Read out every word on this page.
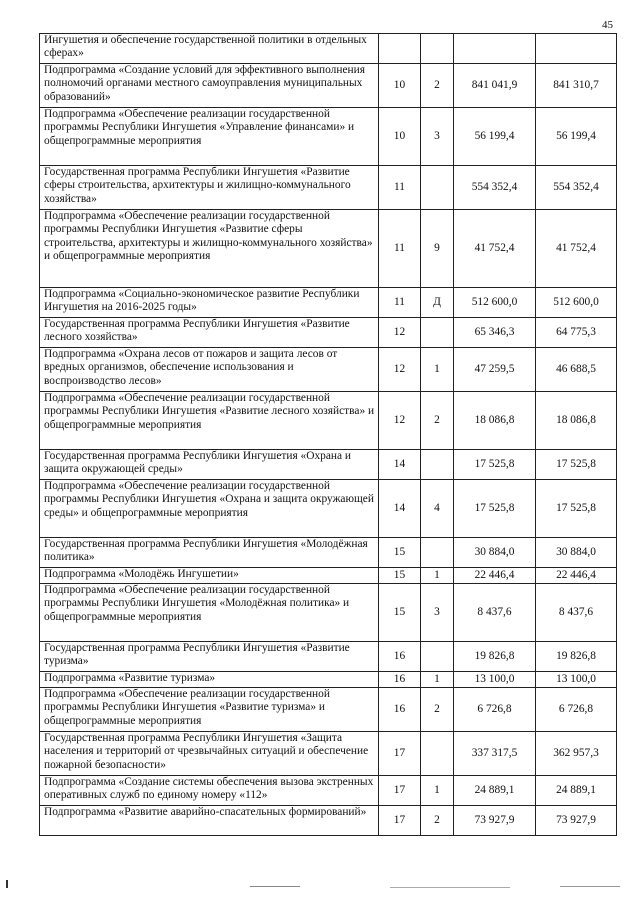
45
Ингушетия и обеспечение государственной политики в отдельных сферах»				
Подпрограмма «Создание условий для эффективного выполнения полномочий органами местного самоуправления муниципальных образований»	10	2	841 041,9	841 310,7
Подпрограмма «Обеспечение реализации государственной программы Республики Ингушетия «Управление финансами» и общепрограммные мероприятия	10	3	56 199,4	56 199,4
Государственная программа Республики Ингушетия «Развитие сферы строительства, архитектуры и жилищно-коммунального хозяйства»	11		554 352,4	554 352,4
Подпрограмма «Обеспечение реализации государственной программы Республики Ингушетия «Развитие сферы строительства, архитектуры и жилищно-коммунального хозяйства» и общепрограммные мероприятия	11	9	41 752,4	41 752,4
Подпрограмма «Социально-экономическое развитие Республики Ингушетия на 2016-2025 годы»	11	Д	512 600,0	512 600,0
Государственная программа Республики Ингушетия «Развитие лесного хозяйства»	12		65 346,3	64 775,3
Подпрограмма «Охрана лесов от пожаров и защита лесов от вредных организмов, обеспечение использования и воспроизводство лесов»	12	1	47 259,5	46 688,5
Подпрограмма «Обеспечение реализации государственной программы Республики Ингушетия «Развитие лесного хозяйства» и общепрограммные мероприятия	12	2	18 086,8	18 086,8
Государственная программа Республики Ингушетия «Охрана и защита окружающей среды»	14		17 525,8	17 525,8
Подпрограмма «Обеспечение реализации государственной программы Республики Ингушетия «Охрана и защита окружающей среды» и общепрограммные мероприятия	14	4	17 525,8	17 525,8
Государственная программа Республики Ингушетия «Молодёжная политика»	15		30 884,0	30 884,0
Подпрограмма «Молодёжь Ингушетии»	15	1	22 446,4	22 446,4
Подпрограмма «Обеспечение реализации государственной программы Республики Ингушетия «Молодёжная политика» и общепрограммные мероприятия	15	3	8 437,6	8 437,6
Государственная программа Республики Ингушетия «Развитие туризма»	16		19 826,8	19 826,8
Подпрограмма «Развитие туризма»	16	1	13 100,0	13 100,0
Подпрограмма «Обеспечение реализации государственной программы Республики Ингушетия «Развитие туризма» и общепрограммные мероприятия	16	2	6 726,8	6 726,8
Государственная программа Республики Ингушетия «Защита населения и территорий от чрезвычайных ситуаций и обеспечение пожарной безопасности»	17		337 317,5	362 957,3
Подпрограмма «Создание системы обеспечения вызова экстренных оперативных служб по единому номеру «112»	17	1	24 889,1	24 889,1
Подпрограмма «Развитие аварийно-спасательных формирований»	17	2	73 927,9	73 927,9
